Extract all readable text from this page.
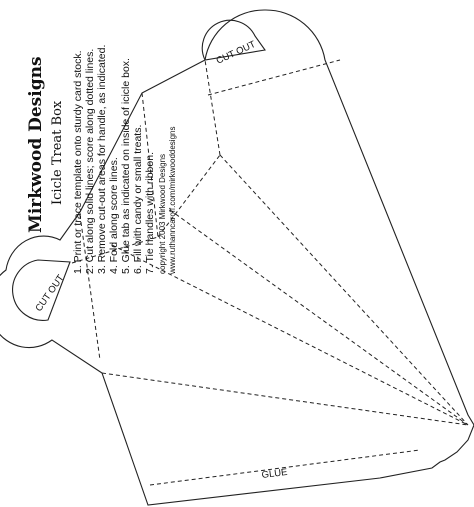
GLUE
CUT OUT
CUT OUT
Mirkwood Designs Icicle Treat Box 1. Print or trace template onto sturdy card stock. 2. Cut along solid lines; score along dotted lines. 3. Remove cut-out areas for handle, as indicated. 4. Fold along score lines. 5. Glue tab as indicated on inside of icicle box. 6. Fill with candy or small treats. 7. Tie handles with ribbon. copyright 2003 Mirkwood Designs www.ruthanncaroff.com/mirkwooddesigns
